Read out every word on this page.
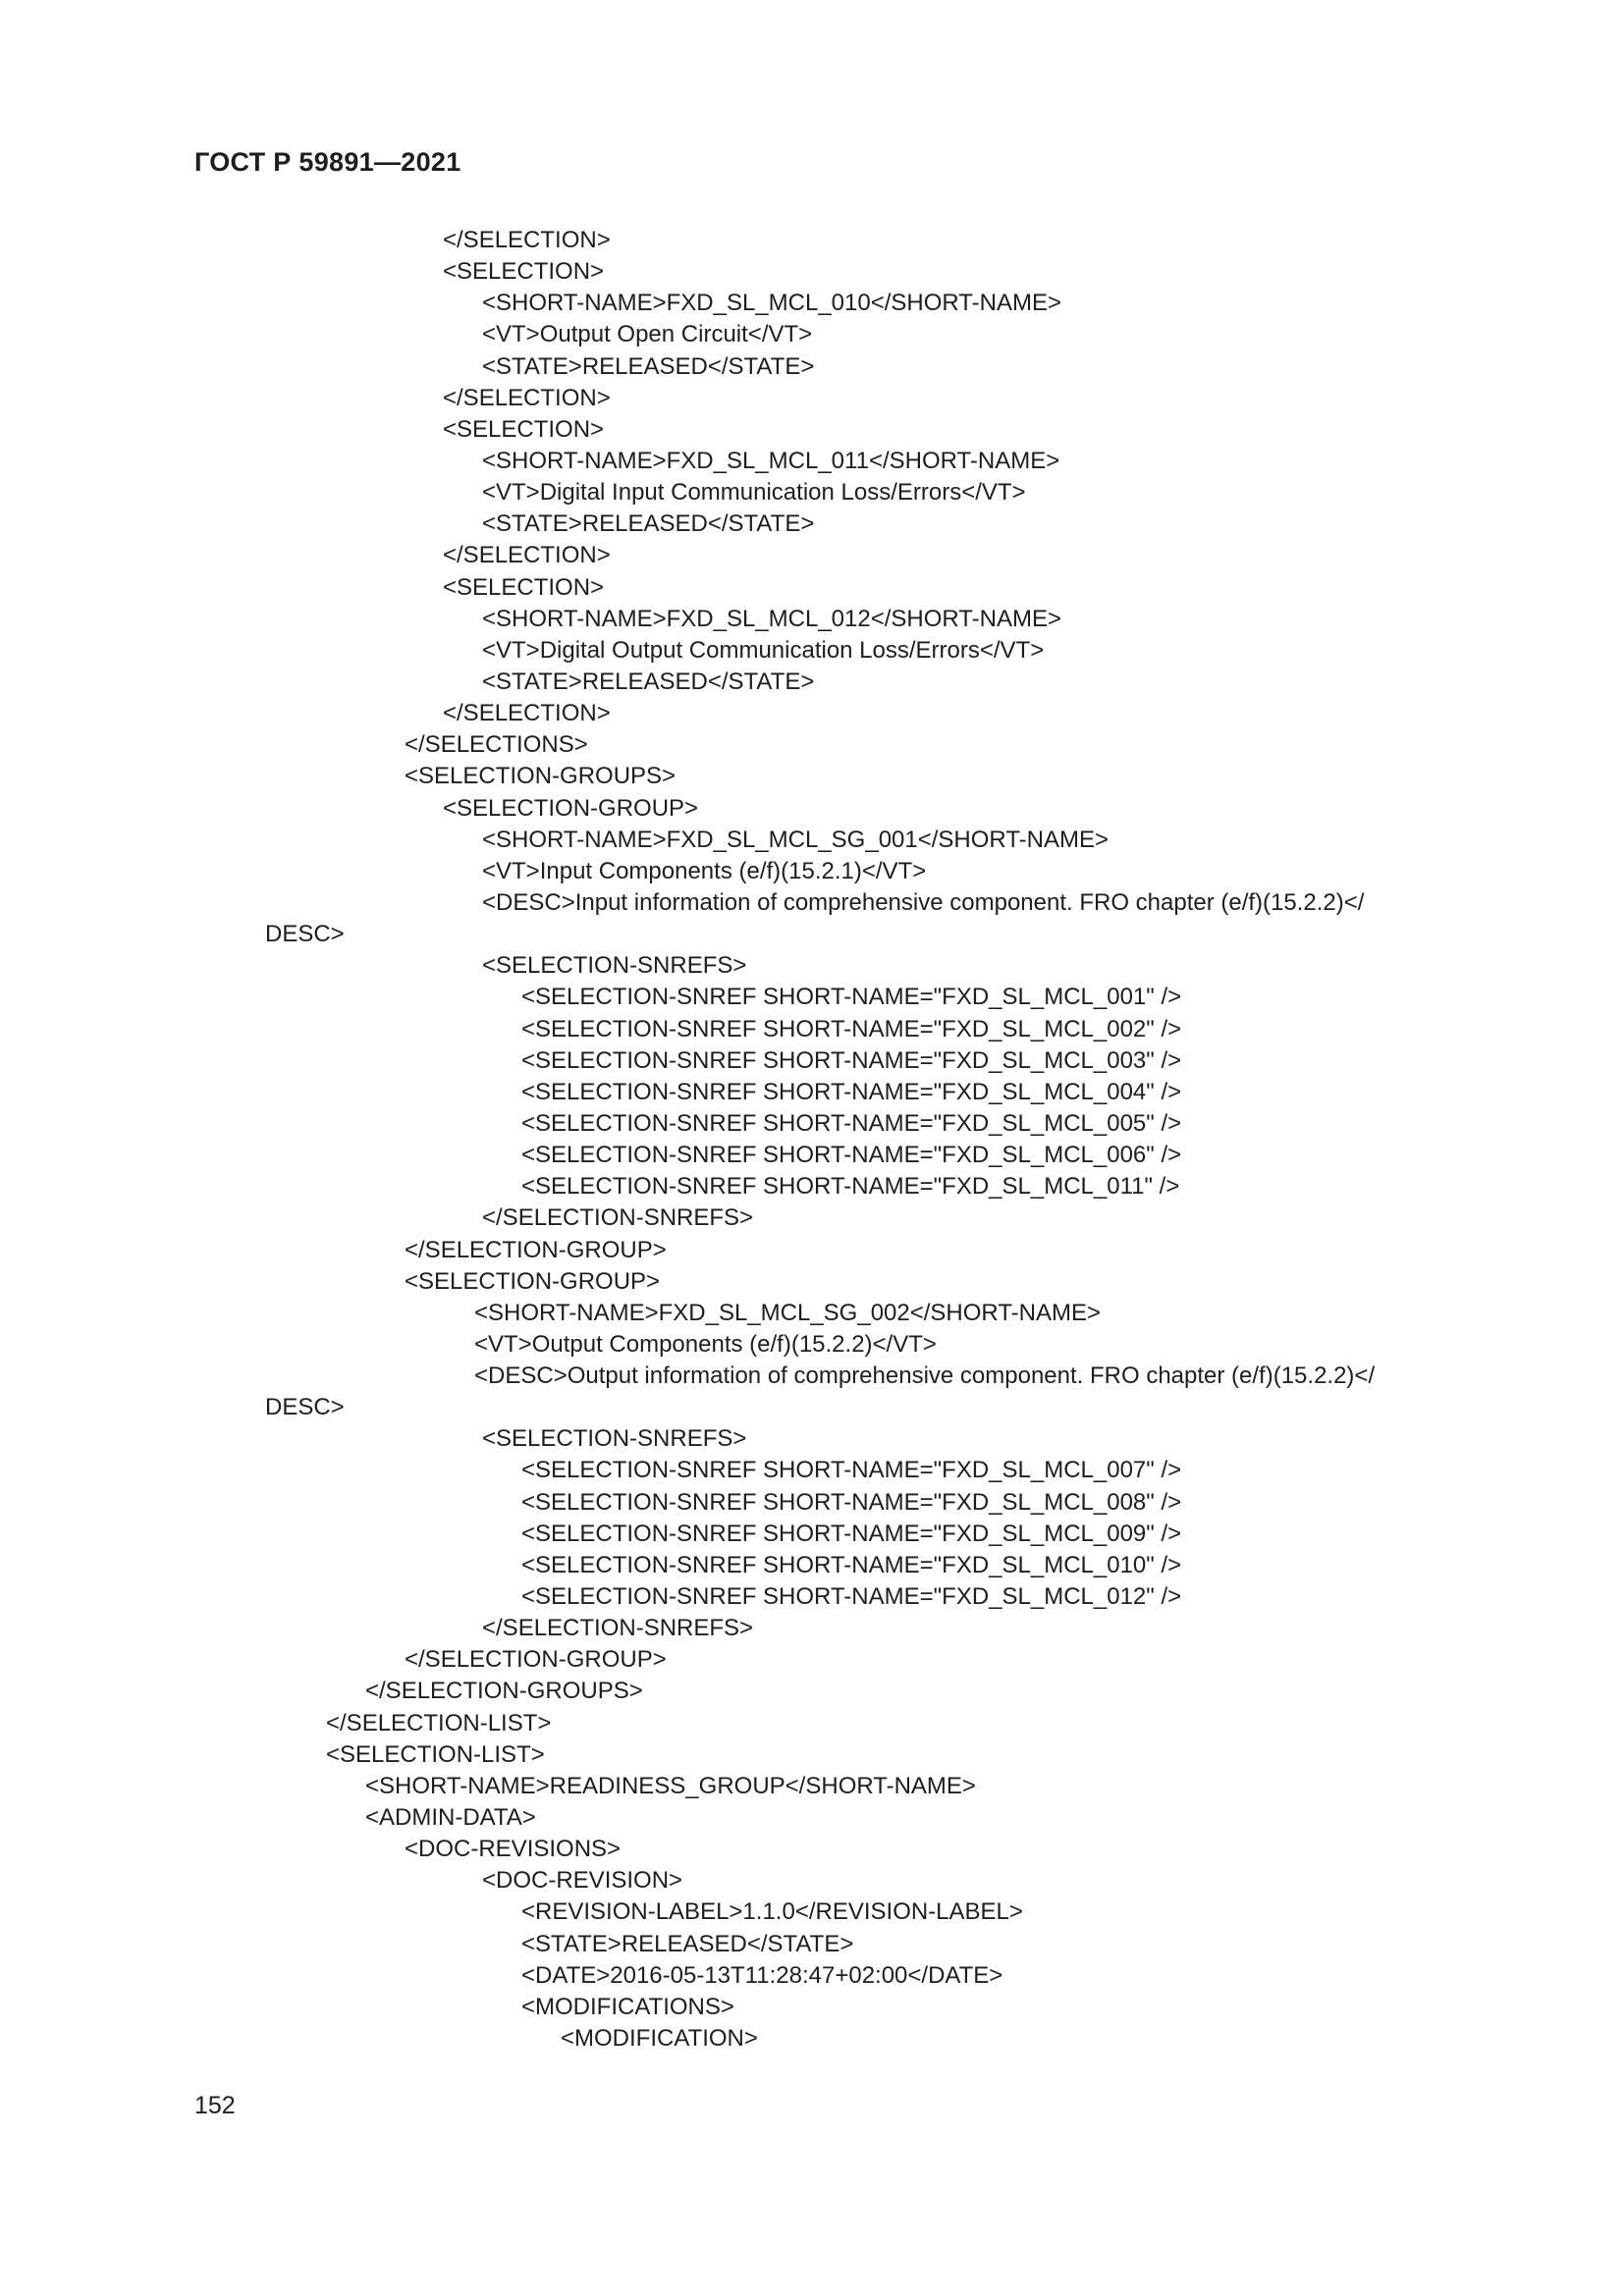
ГОСТ Р 59891—2021
</SELECTION>
<SELECTION>
<SHORT-NAME>FXD_SL_MCL_010</SHORT-NAME>
<VT>Output Open Circuit</VT>
<STATE>RELEASED</STATE>
</SELECTION>
<SELECTION>
<SHORT-NAME>FXD_SL_MCL_011</SHORT-NAME>
<VT>Digital Input Communication Loss/Errors</VT>
<STATE>RELEASED</STATE>
</SELECTION>
<SELECTION>
<SHORT-NAME>FXD_SL_MCL_012</SHORT-NAME>
<VT>Digital Output Communication Loss/Errors</VT>
<STATE>RELEASED</STATE>
</SELECTION>
</SELECTIONS>
<SELECTION-GROUPS>
<SELECTION-GROUP>
<SHORT-NAME>FXD_SL_MCL_SG_001</SHORT-NAME>
<VT>Input Components (e/f)(15.2.1)</VT>
<DESC>Input information of comprehensive component. FRO chapter (e/f)(15.2.2)</
DESC>
<SELECTION-SNREFS>
<SELECTION-SNREF SHORT-NAME="FXD_SL_MCL_001" />
<SELECTION-SNREF SHORT-NAME="FXD_SL_MCL_002" />
<SELECTION-SNREF SHORT-NAME="FXD_SL_MCL_003" />
<SELECTION-SNREF SHORT-NAME="FXD_SL_MCL_004" />
<SELECTION-SNREF SHORT-NAME="FXD_SL_MCL_005" />
<SELECTION-SNREF SHORT-NAME="FXD_SL_MCL_006" />
<SELECTION-SNREF SHORT-NAME="FXD_SL_MCL_011" />
</SELECTION-SNREFS>
</SELECTION-GROUP>
<SELECTION-GROUP>
<SHORT-NAME>FXD_SL_MCL_SG_002</SHORT-NAME>
<VT>Output Components (e/f)(15.2.2)</VT>
<DESC>Output information of comprehensive component. FRO chapter (e/f)(15.2.2)</
DESC>
<SELECTION-SNREFS>
<SELECTION-SNREF SHORT-NAME="FXD_SL_MCL_007" />
<SELECTION-SNREF SHORT-NAME="FXD_SL_MCL_008" />
<SELECTION-SNREF SHORT-NAME="FXD_SL_MCL_009" />
<SELECTION-SNREF SHORT-NAME="FXD_SL_MCL_010" />
<SELECTION-SNREF SHORT-NAME="FXD_SL_MCL_012" />
</SELECTION-SNREFS>
</SELECTION-GROUP>
</SELECTION-GROUPS>
</SELECTION-LIST>
<SELECTION-LIST>
<SHORT-NAME>READINESS_GROUP</SHORT-NAME>
<ADMIN-DATA>
<DOC-REVISIONS>
<DOC-REVISION>
<REVISION-LABEL>1.1.0</REVISION-LABEL>
<STATE>RELEASED</STATE>
<DATE>2016-05-13T11:28:47+02:00</DATE>
<MODIFICATIONS>
<MODIFICATION>
152
